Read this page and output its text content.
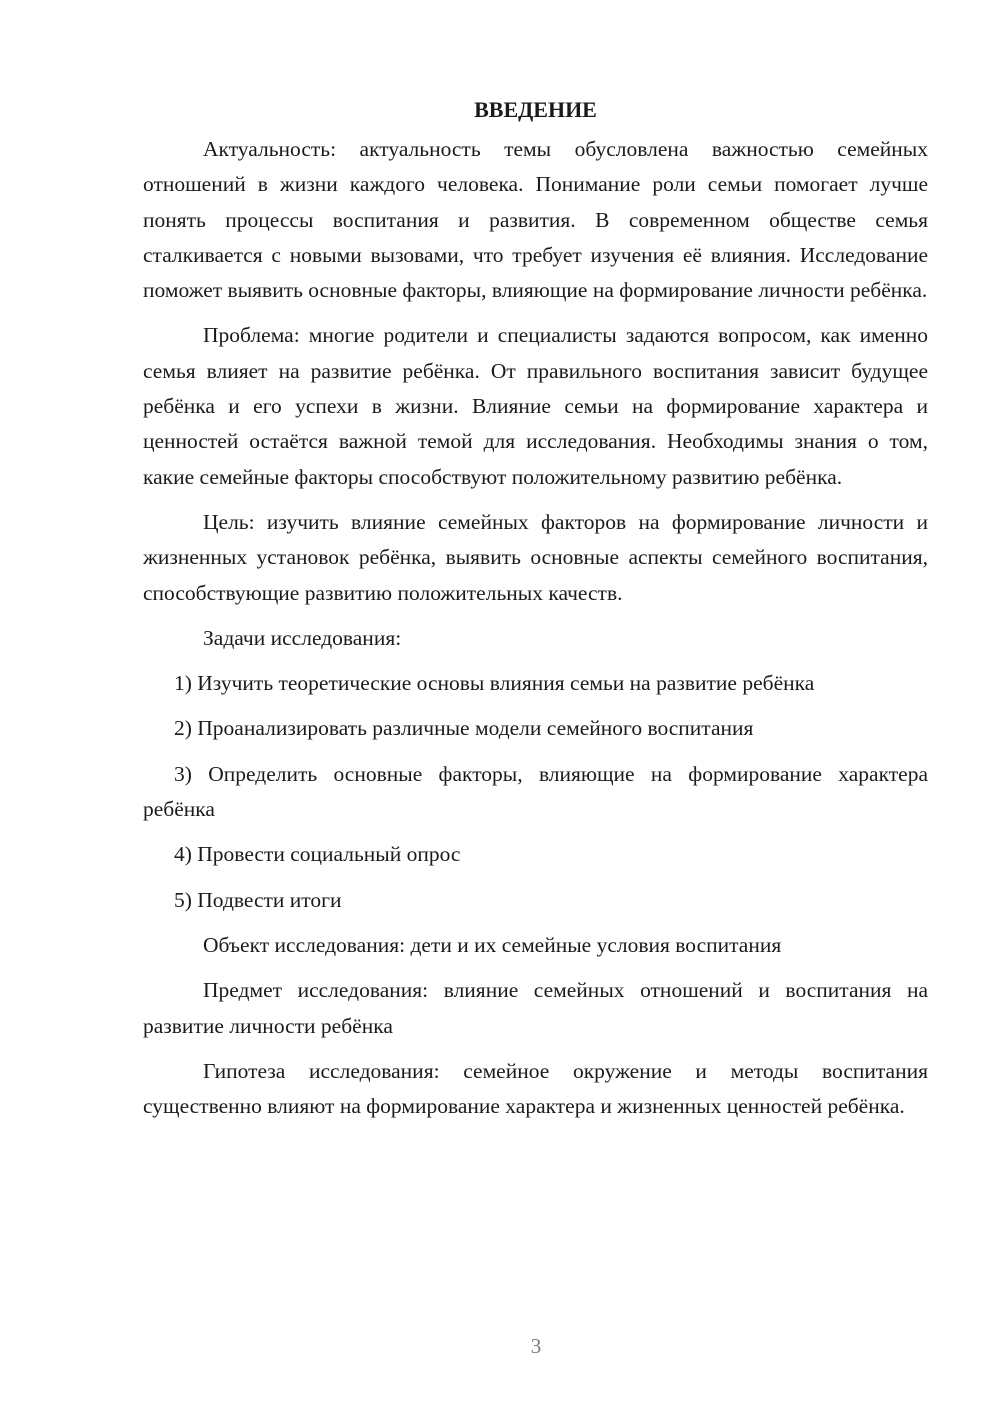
ВВЕДЕНИЕ

Актуальность: актуальность темы обусловлена важностью семейных отношений в жизни каждого человека. Понимание роли семьи помогает лучше понять процессы воспитания и развития. В современном обществе семья сталкивается с новыми вызовами, что требует изучения её влияния. Исследование поможет выявить основные факторы, влияющие на формирование личности ребёнка.

Проблема: многие родители и специалисты задаются вопросом, как именно семья влияет на развитие ребёнка. От правильного воспитания зависит будущее ребёнка и его успехи в жизни. Влияние семьи на формирование характера и ценностей остаётся важной темой для исследования. Необходимы знания о том, какие семейные факторы способствуют положительному развитию ребёнка.

Цель: изучить влияние семейных факторов на формирование личности и жизненных установок ребёнка, выявить основные аспекты семейного воспитания, способствующие развитию положительных качеств.

Задачи исследования:

1) Изучить теоретические основы влияния семьи на развитие ребёнка

2) Проанализировать различные модели семейного воспитания

3) Определить основные факторы, влияющие на формирование характера ребёнка

4) Провести социальный опрос

5) Подвести итоги

Объект исследования: дети и их семейные условия воспитания

Предмет исследования: влияние семейных отношений и воспитания на развитие личности ребёнка

Гипотеза исследования: семейное окружение и методы воспитания существенно влияют на формирование характера и жизненных ценностей ребёнка.

3
